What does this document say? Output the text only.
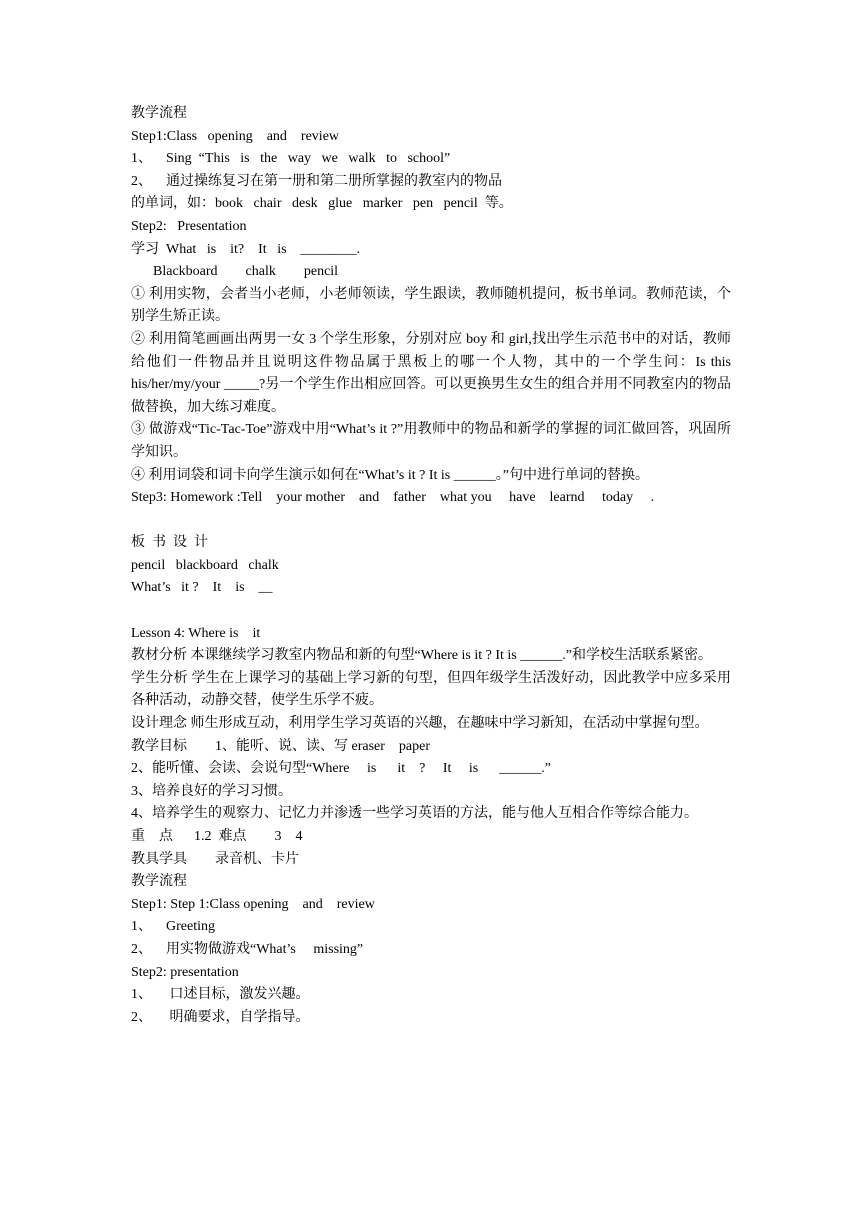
教学流程
Step1:Class   opening    and    review
1、    Sing  “This   is   the   way   we   walk   to   school”
2、    通过操练复习在第一册和第二册所掌握的教室内的物品
的单词，如：book   chair   desk   glue   marker   pen   pencil  等。
Step2:   Presentation
学习  What   is    it?    It   is    ________.
Blackboard        chalk        pencil
① 利用实物，会者当小老师，小老师领读，学生跟读，教师随机提问，板书单词。教师范读，个别学生矫正读。
② 利用简笔画画出两男一女 3 个学生形象，分别对应 boy 和 girl,找出学生示范书中的对话，教师给他们一件物品并且说明这件物品属于黑板上的哪一个人物，其中的一个学生问：Is this his/her/my/your _____?另一个学生作出相应回答。可以更换男生女生的组合并用不同教室内的物品做替换，加大练习难度。
③ 做游戏“Tic-Tac-Toe”游戏中用“What’s it ?”用教师中的物品和新学的掌握的词汇做回答，巩固所学知识。
④ 利用词袋和词卡向学生演示如何在“What’s it ? It is ______。”句中进行单词的替换。
Step3: Homework :Tell    your mother    and    father    what you     have    learnd     today     .
板  书  设  计
pencil   blackboard   chalk
What’s   it ?    It    is    __
Lesson 4: Where is    it
教材分析 本课继续学习教室内物品和新的句型“Where is it ? It is ______.”和学校生活联系紧密。
学生分析 学生在上课学习的基础上学习新的句型，但四年级学生活泼好动，因此教学中应多采用各种活动，动静交替，使学生乐学不疲。
设计理念 师生形成互动，利用学生学习英语的兴趣，在趣味中学习新知，在活动中掌握句型。
教学目标        1、能听、说、读、写 eraser    paper
2、能听懂、会读、会说句型“Where     is      it    ?     It     is      ______.”
3、培养良好的学习习惯。
4、培养学生的观察力、记忆力并渗透一些学习英语的方法，能与他人互相合作等综合能力。
重    点      1.2  难点        3    4
教具学具        录音机、卡片
教学流程
Step1: Step 1:Class opening    and    review
1、    Greeting
2、    用实物做游戏“What’s     missing”
Step2: presentation
1、     口述目标，激发兴趣。
2、     明确要求，自学指导。
